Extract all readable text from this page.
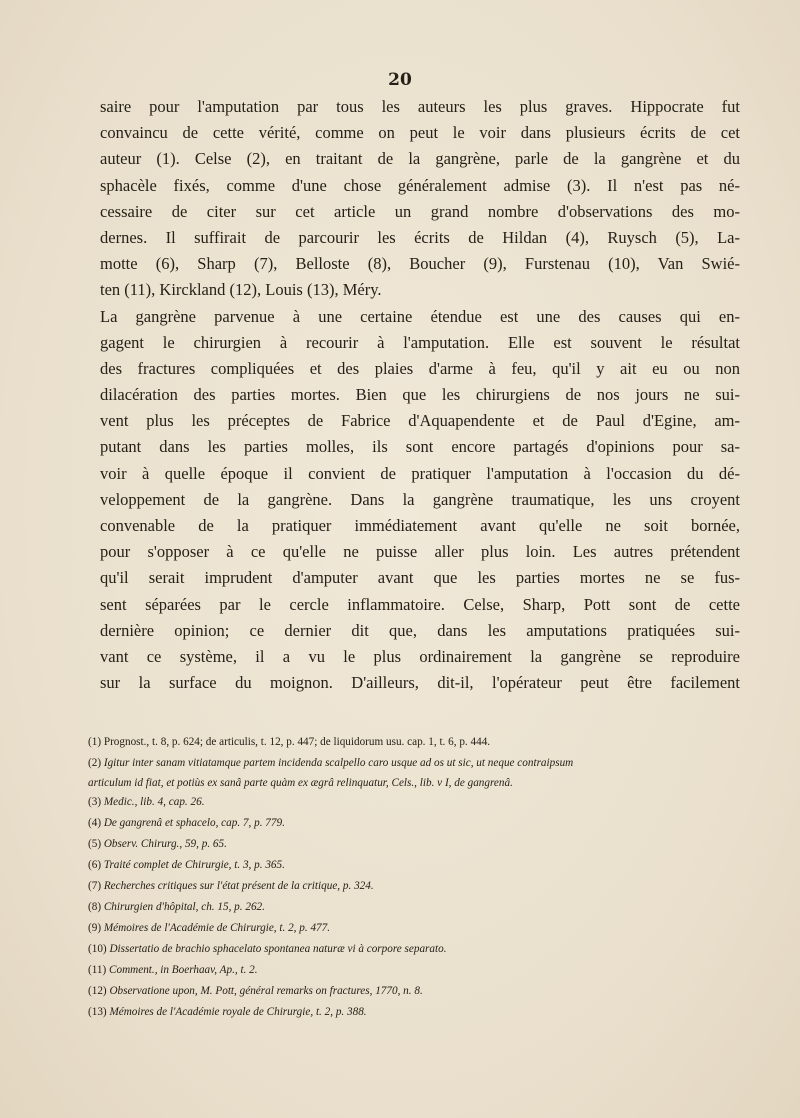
20
saire pour l'amputation par tous les auteurs les plus graves. Hippocrate fut
convaincu de cette vérité, comme on peut le voir dans plusieurs écrits de cet
auteur (1). Celse (2), en traitant de la gangrène, parle de la gangrène et du
sphacèle fixés, comme d'une chose généralement admise (3). Il n'est pas né-
cessaire de citer sur cet article un grand nombre d'observations des mo-
dernes. Il suffirait de parcourir les écrits de Hildan (4), Ruysch (5), La-
motte (6), Sharp (7), Belloste (8), Boucher (9), Furstenau (10), Van Swié-
ten (11), Kirckland (12), Louis (13), Méry.
La gangrène parvenue à une certaine étendue est une des causes qui en-
gagent le chirurgien à recourir à l'amputation. Elle est souvent le résultat
des fractures compliquées et des plaies d'arme à feu, qu'il y ait eu ou non
dilacération des parties mortes. Bien que les chirurgiens de nos jours ne sui-
vent plus les préceptes de Fabrice d'Aquapendente et de Paul d'Egine, am-
putant dans les parties molles, ils sont encore partagés d'opinions pour sa-
voir à quelle époque il convient de pratiquer l'amputation à l'occasion du dé-
veloppement de la gangrène. Dans la gangrène traumatique, les uns croyent
convenable de la pratiquer immédiatement avant qu'elle ne soit bornée,
pour s'opposer à ce qu'elle ne puisse aller plus loin. Les autres prétendent
qu'il serait imprudent d'amputer avant que les parties mortes ne se fus-
sent séparées par le cercle inflammatoire. Celse, Sharp, Pott sont de cette
dernière opinion; ce dernier dit que, dans les amputations pratiquées sui-
vant ce système, il a vu le plus ordinairement la gangrène se reproduire
sur la surface du moignon. D'ailleurs, dit-il, l'opérateur peut être facilement
(1) Prognost., t. 8, p. 624; de articulis, t. 12, p. 447; de liquidorum usu. cap. 1, t. 6, p. 444.
(2) Igitur inter sanam vitiatamque partem incidenda scalpello caro usque ad os ut sic, ut neque contraipsum
articulum id fiat, et potiùs ex sanâ parte quàm ex ægrâ relinquatur, Cels., lib. v I, de gangrenâ.
(3) Medic., lib. 4, cap. 26.
(4) De gangrenâ et sphacelo, cap. 7, p. 779.
(5) Observ. Chirurg., 59, p. 65.
(6) Traité complet de Chirurgie, t. 3, p. 365.
(7) Recherches critiques sur l'état présent de la critique, p. 324.
(8) Chirurgien d'hôpital, ch. 15, p. 262.
(9) Mémoires de l'Académie de Chirurgie, t. 2, p. 477.
(10) Dissertatio de brachio sphacelato spontanea naturæ vi à corpore separato.
(11) Comment., in Boerhaav, Ap., t. 2.
(12) Observatione upon, M. Pott, général remarks on fractures, 1770, n. 8.
(13) Mémoires de l'Académie royale de Chirurgie, t. 2, p. 388.
